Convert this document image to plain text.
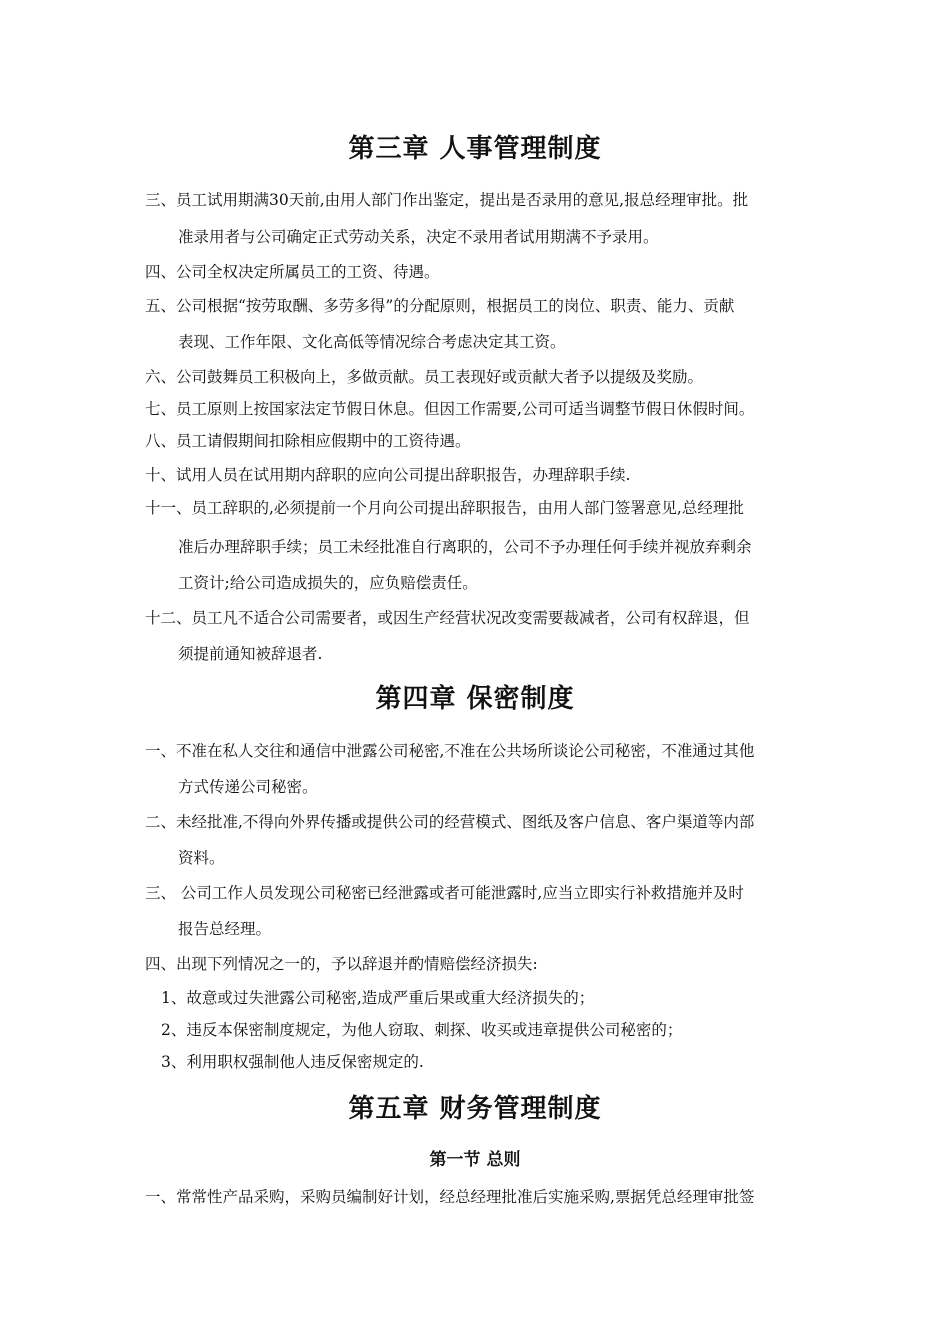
第三章 人事管理制度
三、员工试用期满30天前,由用人部门作出鉴定，提出是否录用的意见,报总经理审批。批
准录用者与公司确定正式劳动关系，决定不录用者试用期满不予录用。
四、公司全权决定所属员工的工资、待遇。
五、公司根据“按劳取酬、多劳多得”的分配原则，根据员工的岗位、职责、能力、贡献
表现、工作年限、文化高低等情况综合考虑决定其工资。
六、公司鼓舞员工积极向上，多做贡献。员工表现好或贡献大者予以提级及奖励。
七、员工原则上按国家法定节假日休息。但因工作需要,公司可适当调整节假日休假时间。
八、员工请假期间扣除相应假期中的工资待遇。
十、试用人员在试用期内辞职的应向公司提出辞职报告，办理辞职手续.
十一、员工辞职的,必须提前一个月向公司提出辞职报告，由用人部门签署意见,总经理批
准后办理辞职手续；员工未经批准自行离职的，公司不予办理任何手续并视放弃剩余
工资计;给公司造成损失的，应负赔偿责任。
十二、员工凡不适合公司需要者，或因生产经营状况改变需要裁减者，公司有权辞退，但
须提前通知被辞退者.
第四章 保密制度
一、不准在私人交往和通信中泄露公司秘密,不准在公共场所谈论公司秘密，不准通过其他
方式传递公司秘密。
二、未经批准,不得向外界传播或提供公司的经营模式、图纸及客户信息、客户渠道等内部
资料。
三、 公司工作人员发现公司秘密已经泄露或者可能泄露时,应当立即实行补救措施并及时
报告总经理。
四、出现下列情况之一的，予以辞退并酌情赔偿经济损失:
1、故意或过失泄露公司秘密,造成严重后果或重大经济损失的；
2、违反本保密制度规定，为他人窃取、刺探、收买或违章提供公司秘密的；
3、利用职权强制他人违反保密规定的.
第五章 财务管理制度
第一节 总则
一、常常性产品采购，采购员编制好计划，经总经理批准后实施采购,票据凭总经理审批签
